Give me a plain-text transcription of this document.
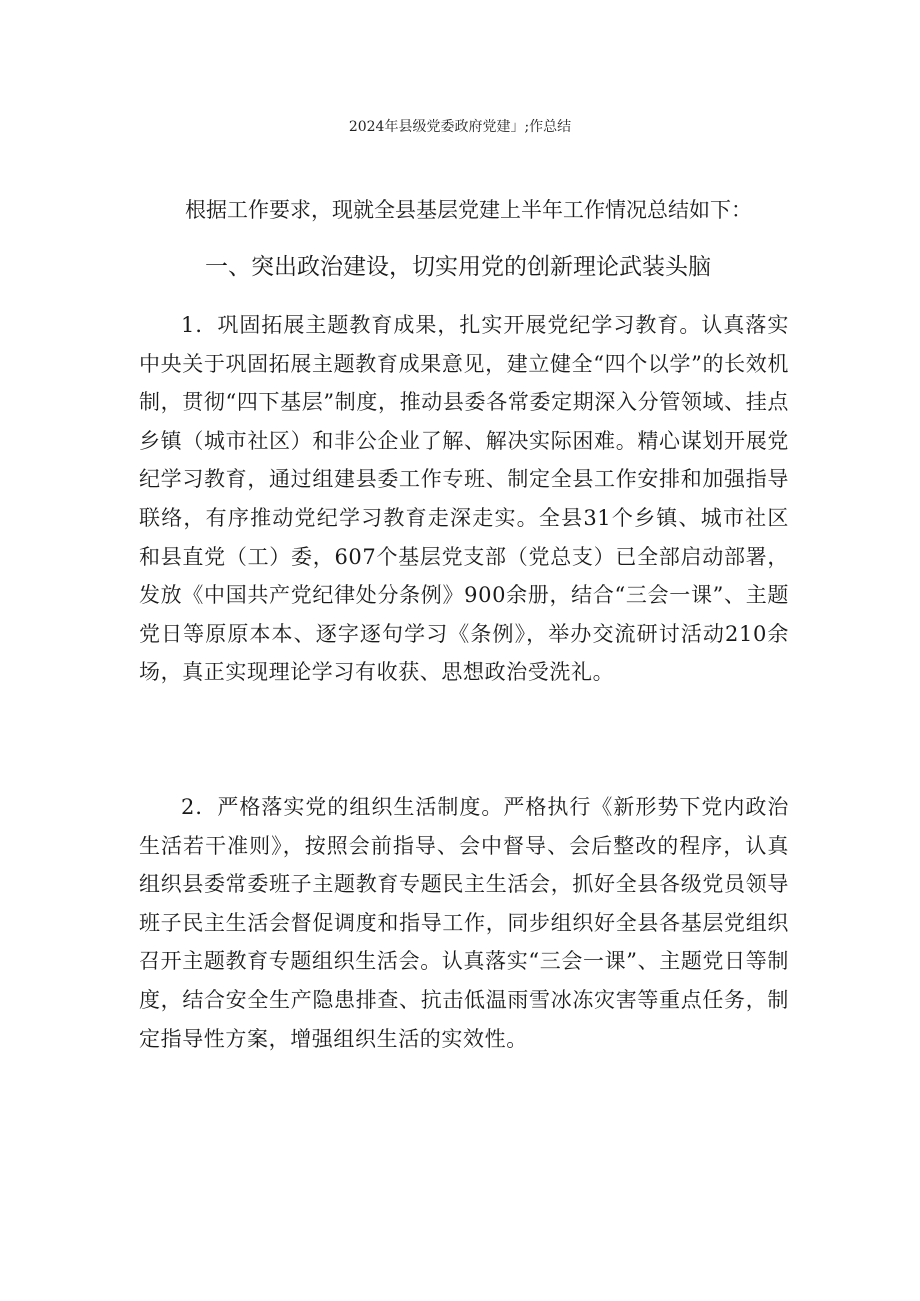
2024年县级党委政府党建」;作总结
根据工作要求，现就全县基层党建上半年工作情况总结如下：
一、突出政治建设，切实用党的创新理论武装头脑
1．巩固拓展主题教育成果，扎实开展党纪学习教育。认真落实中央关于巩固拓展主题教育成果意见，建立健全“四个以学”的长效机制，贯彻“四下基层”制度，推动县委各常委定期深入分管领域、挂点乡镇（城市社区）和非公企业了解、解决实际困难。精心谋划开展党纪学习教育，通过组建县委工作专班、制定全县工作安排和加强指导联络，有序推动党纪学习教育走深走实。全县31个乡镇、城市社区和县直党（工）委，607个基层党支部（党总支）已全部启动部署，发放《中国共产党纪律处分条例》900余册，结合“三会一课”、主题党日等原原本本、逐字逐句学习《条例》，举办交流研讨活动210余场，真正实现理论学习有收获、思想政治受洗礼。
2．严格落实党的组织生活制度。严格执行《新形势下党内政治生活若干准则》，按照会前指导、会中督导、会后整改的程序，认真组织县委常委班子主题教育专题民主生活会，抓好全县各级党员领导班子民主生活会督促调度和指导工作，同步组织好全县各基层党组织召开主题教育专题组织生活会。认真落实“三会一课”、主题党日等制度，结合安全生产隐患排查、抗击低温雨雪冰冻灾害等重点任务，制定指导性方案，增强组织生活的实效性。
